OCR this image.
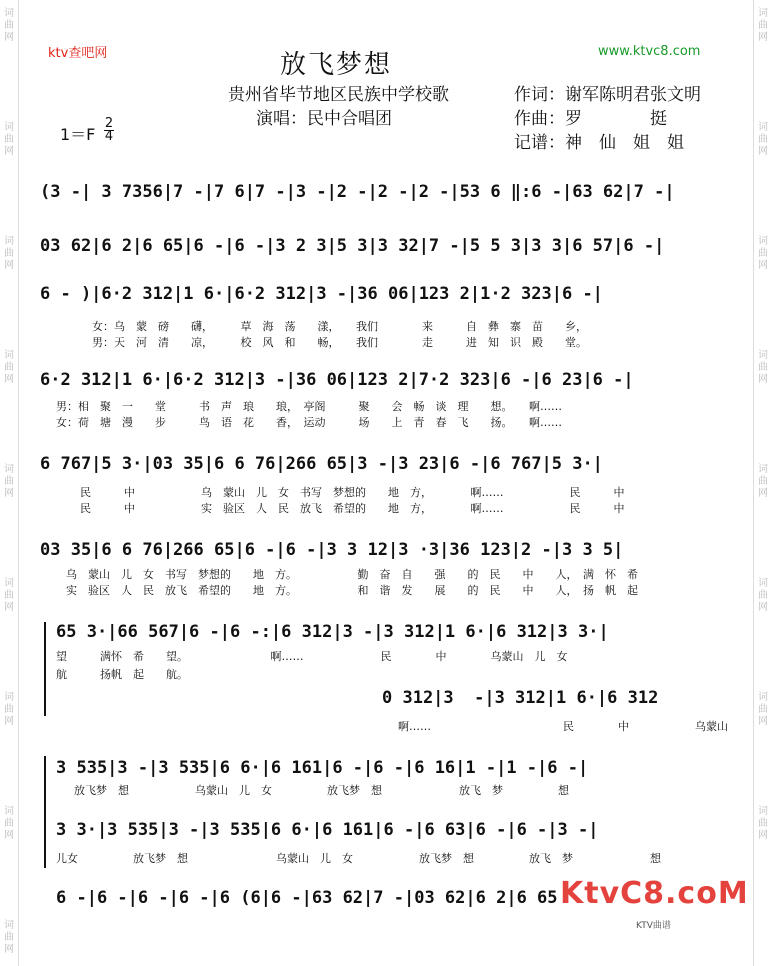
词曲网
词曲网
词曲网
词曲网
词曲网
词曲网
词曲网
词曲网
词曲网
词曲网
词曲网
词曲网
词曲网
词曲网
词曲网
词曲网
词曲网
ktv查吧网	www.ktvc8.com
放飞梦想
贵州省毕节地区民族中学校歌
演唱：民中合唱团
作词：谢军陈明君张文明
作曲：罗　　　　挺
记谱：神　仙　姐　姐
1＝F
2
4
(3 -| 3 7356|7 -|7 6|7 -|3 -|2 -|2 -|2 -|53 6 ‖:6 -|63 62|7 -|
03 62|6 2|6 65|6 -|6 -|3 2 3|5 3|3 32|7 -|5 5 3|3 3|6 57|6 -|
6 - )|6·2 312|1 6·|6·2 312|3 -|36 06|123 2|1·2 323|6 -|
女：乌　蒙　磅　　礴，　　　草　海　荡　　漾，　　我们　　　　来　　　自　彝　寨　苗　　乡，
男：天　河　清　　凉，　　　校　风　和　　畅，　　我们　　　　走　　　进　知　识　殿　　堂。
6·2 312|1 6·|6·2 312|3 -|36 06|123 2|7·2 323|6 -|6 23|6 -|
男：相　聚　一　　堂　　　书　声　琅　　琅，　亭阁　　　聚　　会　畅　谈　理　　想。　　啊……
女：荷　塘　漫　　步　　　鸟　语　花　　香，　运动　　　场　　上　青　春　飞　　扬。　　啊……
6 767|5 3·|03 35|6 6 76|266 65|3 -|3 23|6 -|6 767|5 3·|
民　　　中　　　　　　乌　蒙山　儿　女　书写　梦想的　　地　方，　　　　啊……　　　　　　民　　　中
民　　　中　　　　　　实　验区　人　民　放飞　希望的　　地　方，　　　　啊……　　　　　　民　　　中
03 35|6 6 76|266 65|6 -|6 -|3 3 12|3 ·3|36 123|2 -|3 3 5|
乌　蒙山　儿　女　书写　梦想的　　地　方。　　　　　　勤　奋　自　　强　　的　民　　中　　人，　满　怀　希
实　验区　人　民　放飞　希望的　　地　方。　　　　　　和　谐　发　　展　　的　民　　中　　人，　扬　帆　起
65 3·|66 567|6 -|6 -:|6 312|3 -|3 312|1 6·|6 312|3 3·|
望　　　满怀　希　　望。　　　　　　　　啊……　　　　　　　民　　　　中　　　　乌蒙山　儿　女
航　　　扬帆　起　　航。
0 312|3  -|3 312|1 6·|6 312
啊……　　　　　　　　　　　　民　　　　中　　　　　　乌蒙山
3 535|3 -|3 535|6 6·|6 161|6 -|6 -|6 16|1 -|1 -|6 -|
放飞梦　想　　　　　　乌蒙山　儿　女　　　　　放飞梦　想　　　　　　　放飞　梦　　　　　想
3 3·|3 535|3 -|3 535|6 6·|6 161|6 -|6 63|6 -|6 -|3 -|
儿女　　　　　放飞梦　想　　　　　　　　乌蒙山　儿　女　　　　　　放飞梦　想　　　　　放飞　梦　　　　　　　想
6 -|6 -|6 -|6 -|6 (6|6 -|63 62|7 -|03 62|6 2|6 65 KtvC8.coM
KTV曲谱
